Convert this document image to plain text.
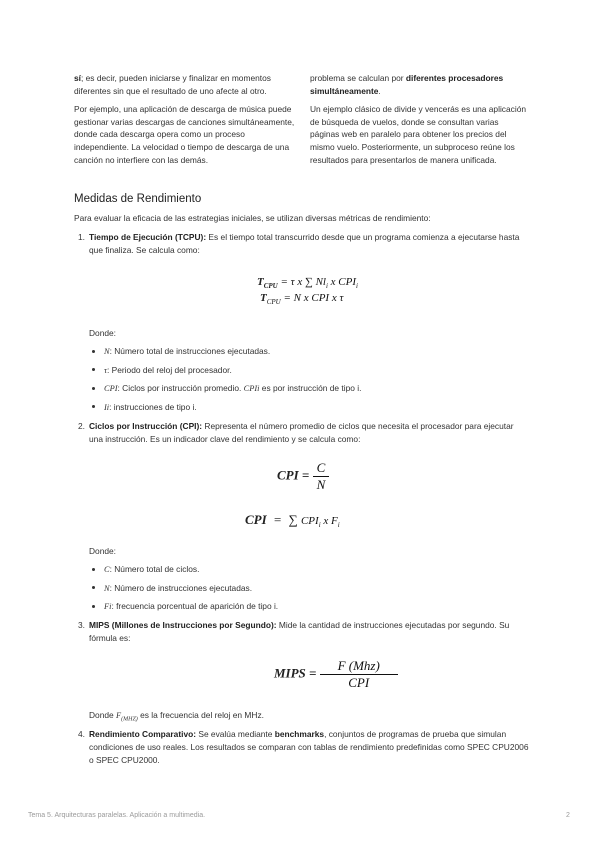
sí; es decir, pueden iniciarse y finalizar en momentos diferentes sin que el resultado de uno afecte al otro.

Por ejemplo, una aplicación de descarga de música puede gestionar varias descargas de canciones simultáneamente, donde cada descarga opera como un proceso independiente. La velocidad o tiempo de descarga de una canción no interfiere con las demás.

problema se calculan por diferentes procesadores simultáneamente.

Un ejemplo clásico de divide y vencerás es una aplicación de búsqueda de vuelos, donde se consultan varias páginas web en paralelo para obtener los precios del mismo vuelo. Posteriormente, un subproceso reúne los resultados para presentarlos de manera unificada.

Medidas de Rendimiento
Para evaluar la eficacia de las estrategias iniciales, se utilizan diversas métricas de rendimiento:
1. Tiempo de Ejecución (TCPU): Es el tiempo total transcurrido desde que un programa comienza a ejecutarse hasta que finaliza. Se calcula como:
$T_{CPU} = \tau$ x ∑ $Nl_i$ x $CPI_i$
$T_{CPU} = N$ x CPI x τ
Donde:
N: Número total de instrucciones ejecutadas.
τ: Periodo del reloj del procesador.
CPI: Ciclos por instrucción promedio. CPIi es por instrucción de tipo i.
Ii: instrucciones de tipo i.
2. Ciclos por Instrucción (CPI): Representa el número promedio de ciclos que necesita el procesador para ejecutar una instrucción. Es un indicador clave del rendimiento y se calcula como:
CPI = $\frac{C}{N}$
CPI  =  ∑ $CPI_i$ x $F_i$
Donde:
C: Número total de ciclos.
N: Número de instrucciones ejecutadas.
Fi: frecuencia porcentual de aparición de tipo i.
3. MIPS (Millones de Instrucciones por Segundo): Mide la cantidad de instrucciones ejecutadas por segundo. Su fórmula es:
MIPS = $\frac{\text{F (Mhz)}}{\text{CPI}}$
Donde $F_{(MHZ)}$ es la frecuencia del reloj en MHz.
4. Rendimiento Comparativo: Se evalúa mediante benchmarks, conjuntos de programas de prueba que simulan condiciones de uso reales. Los resultados se comparan con tablas de rendimiento predefinidas como SPEC CPU2006 o SPEC CPU2000.
Tema 5. Arquitecturas paralelas. Aplicación a multimedia.	2
